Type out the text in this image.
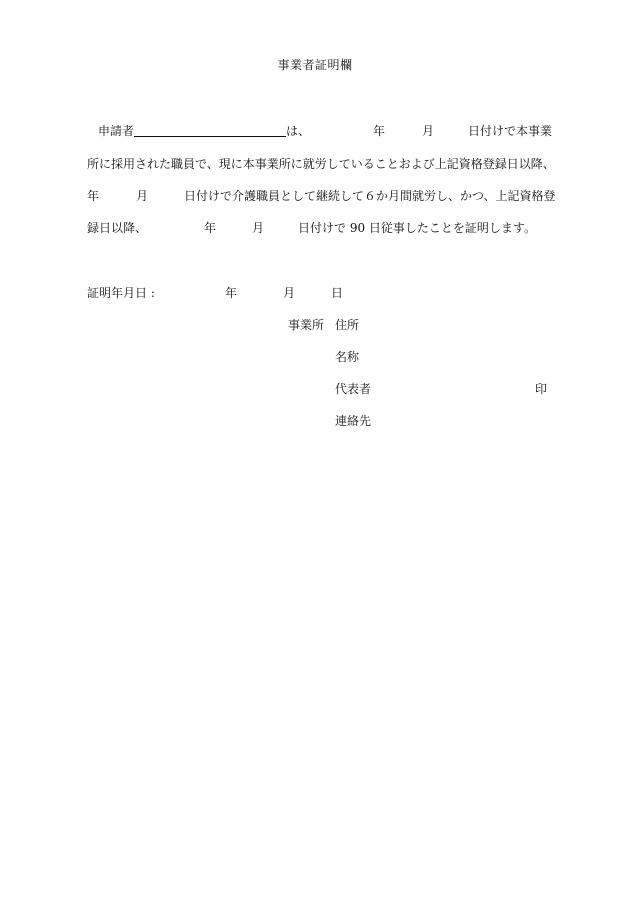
事業者証明欄
申請者	は、	年	月	日付けで本事業
所に採用された職員で、現に本事業所に就労していることおよび上記資格登録日以降、
年	月	日付けで介護職員として継続して６か月間就労し、かつ、上記資格登
録日以降、	年	月	日付けで 90 日従事したことを証明します。
証明年月日 :	年	月	日
事業所 住所
名称
代表者	印
連絡先
